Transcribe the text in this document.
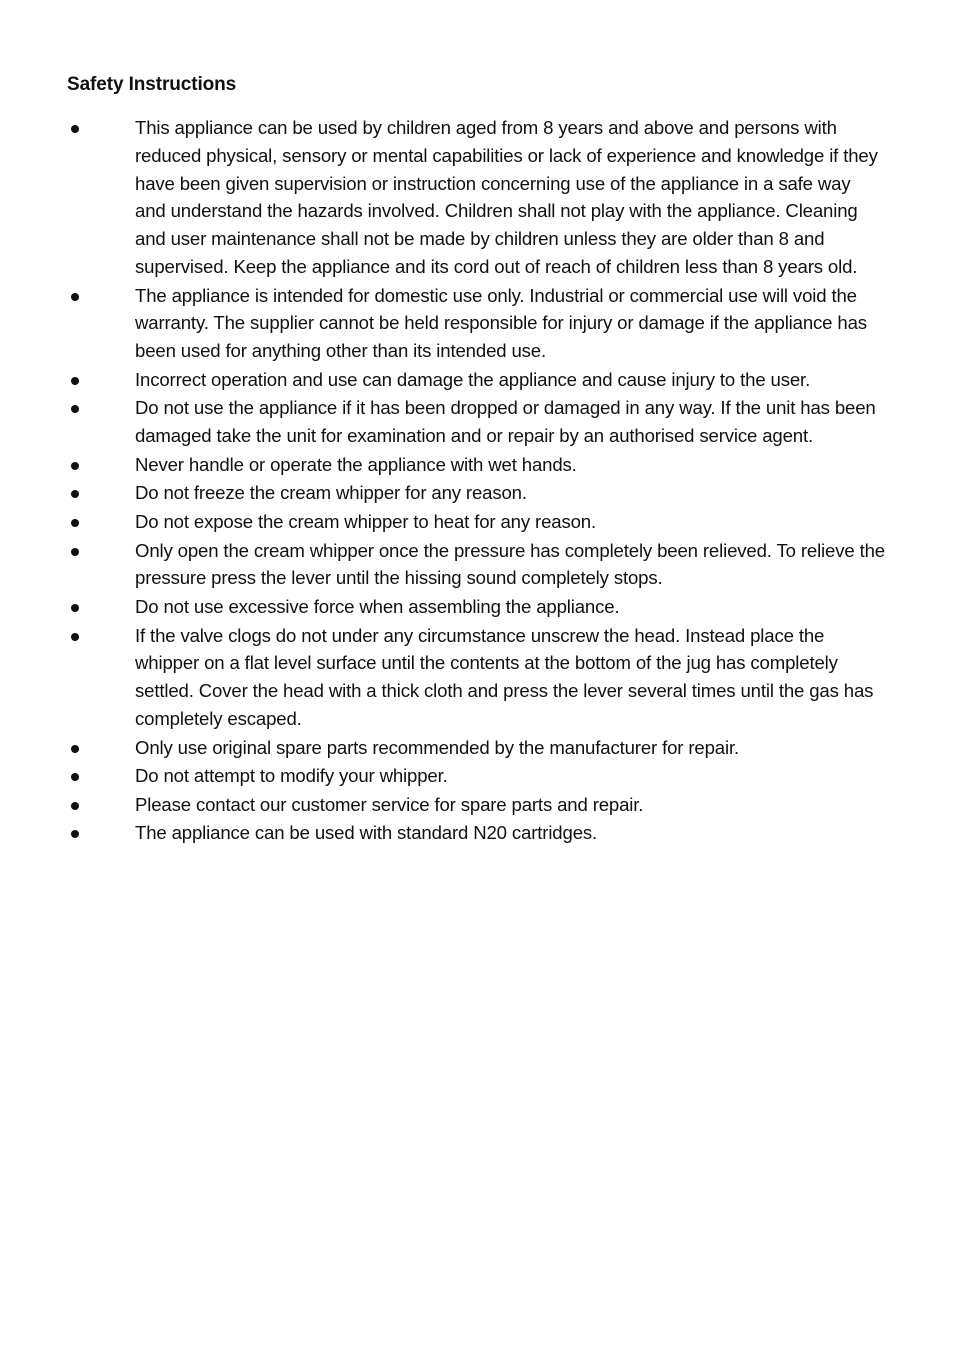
Safety Instructions
This appliance can be used by children aged from 8 years and above and persons with reduced physical, sensory or mental capabilities or lack of experience and knowledge if they have been given supervision or instruction concerning use of the appliance in a safe way and understand the hazards involved. Children shall not play with the appliance. Cleaning and user maintenance shall not be made by children unless they are older than 8 and supervised. Keep the appliance and its cord out of reach of children less than 8 years old.
The appliance is intended for domestic use only. Industrial or commercial use will void the warranty. The supplier cannot be held responsible for injury or damage if the appliance has been used for anything other than its intended use.
Incorrect operation and use can damage the appliance and cause injury to the user.
Do not use the appliance if it has been dropped or damaged in any way. If the unit has been damaged take the unit for examination and or repair by an authorised service agent.
Never handle or operate the appliance with wet hands.
Do not freeze the cream whipper for any reason.
Do not expose the cream whipper to heat for any reason.
Only open the cream whipper once the pressure has completely been relieved. To relieve the pressure press the lever until the hissing sound completely stops.
Do not use excessive force when assembling the appliance.
If the valve clogs do not under any circumstance unscrew the head. Instead place the whipper on a flat level surface until the contents at the bottom of the jug has completely settled. Cover the head with a thick cloth and press the lever several times until the gas has completely escaped.
Only use original spare parts recommended by the manufacturer for repair.
Do not attempt to modify your whipper.
Please contact our customer service for spare parts and repair.
The appliance can be used with standard N20 cartridges.
